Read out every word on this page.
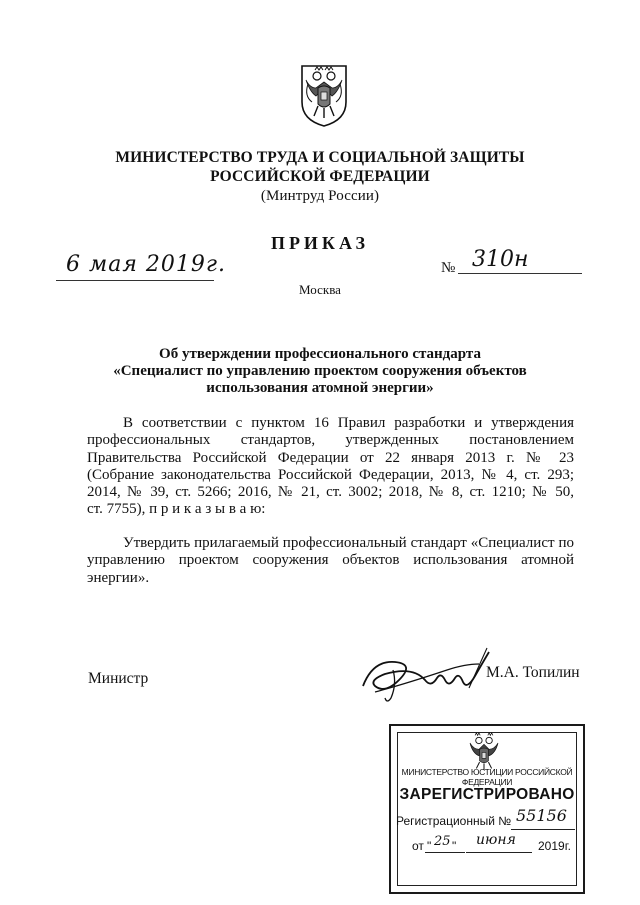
МИНИСТЕРСТВО ТРУДА И СОЦИАЛЬНОЙ ЗАЩИТЫ
РОССИЙСКОЙ ФЕДЕРАЦИИ
(Минтруд России)
ПРИКАЗ
6 мая 2019г.	№ 310н
Москва
Об утверждении профессионального стандарта
«Специалист по управлению проектом сооружения объектов
использования атомной энергии»
В соответствии с пунктом 16 Правил разработки и утверждения
профессиональных стандартов, утвержденных постановлением
Правительства Российской Федерации от 22 января 2013 г. № 23
(Собрание законодательства Российской Федерации, 2013, № 4, ст. 293;
2014, № 39, ст. 5266; 2016, № 21, ст. 3002; 2018, № 8, ст. 1210; № 50,
ст. 7755), п р и к а з ы в а ю:
Утвердить прилагаемый профессиональный стандарт «Специалист по
управлению проектом сооружения объектов использования атомной
энергии».
Министр	М.А. Топилин
МИНИСТЕРСТВО ЮСТИЦИИ РОССИЙСКОЙ ФЕДЕРАЦИИ
ЗАРЕГИСТРИРОВАНО
Регистрационный № 55156
от " 25 " июня 2019г.
